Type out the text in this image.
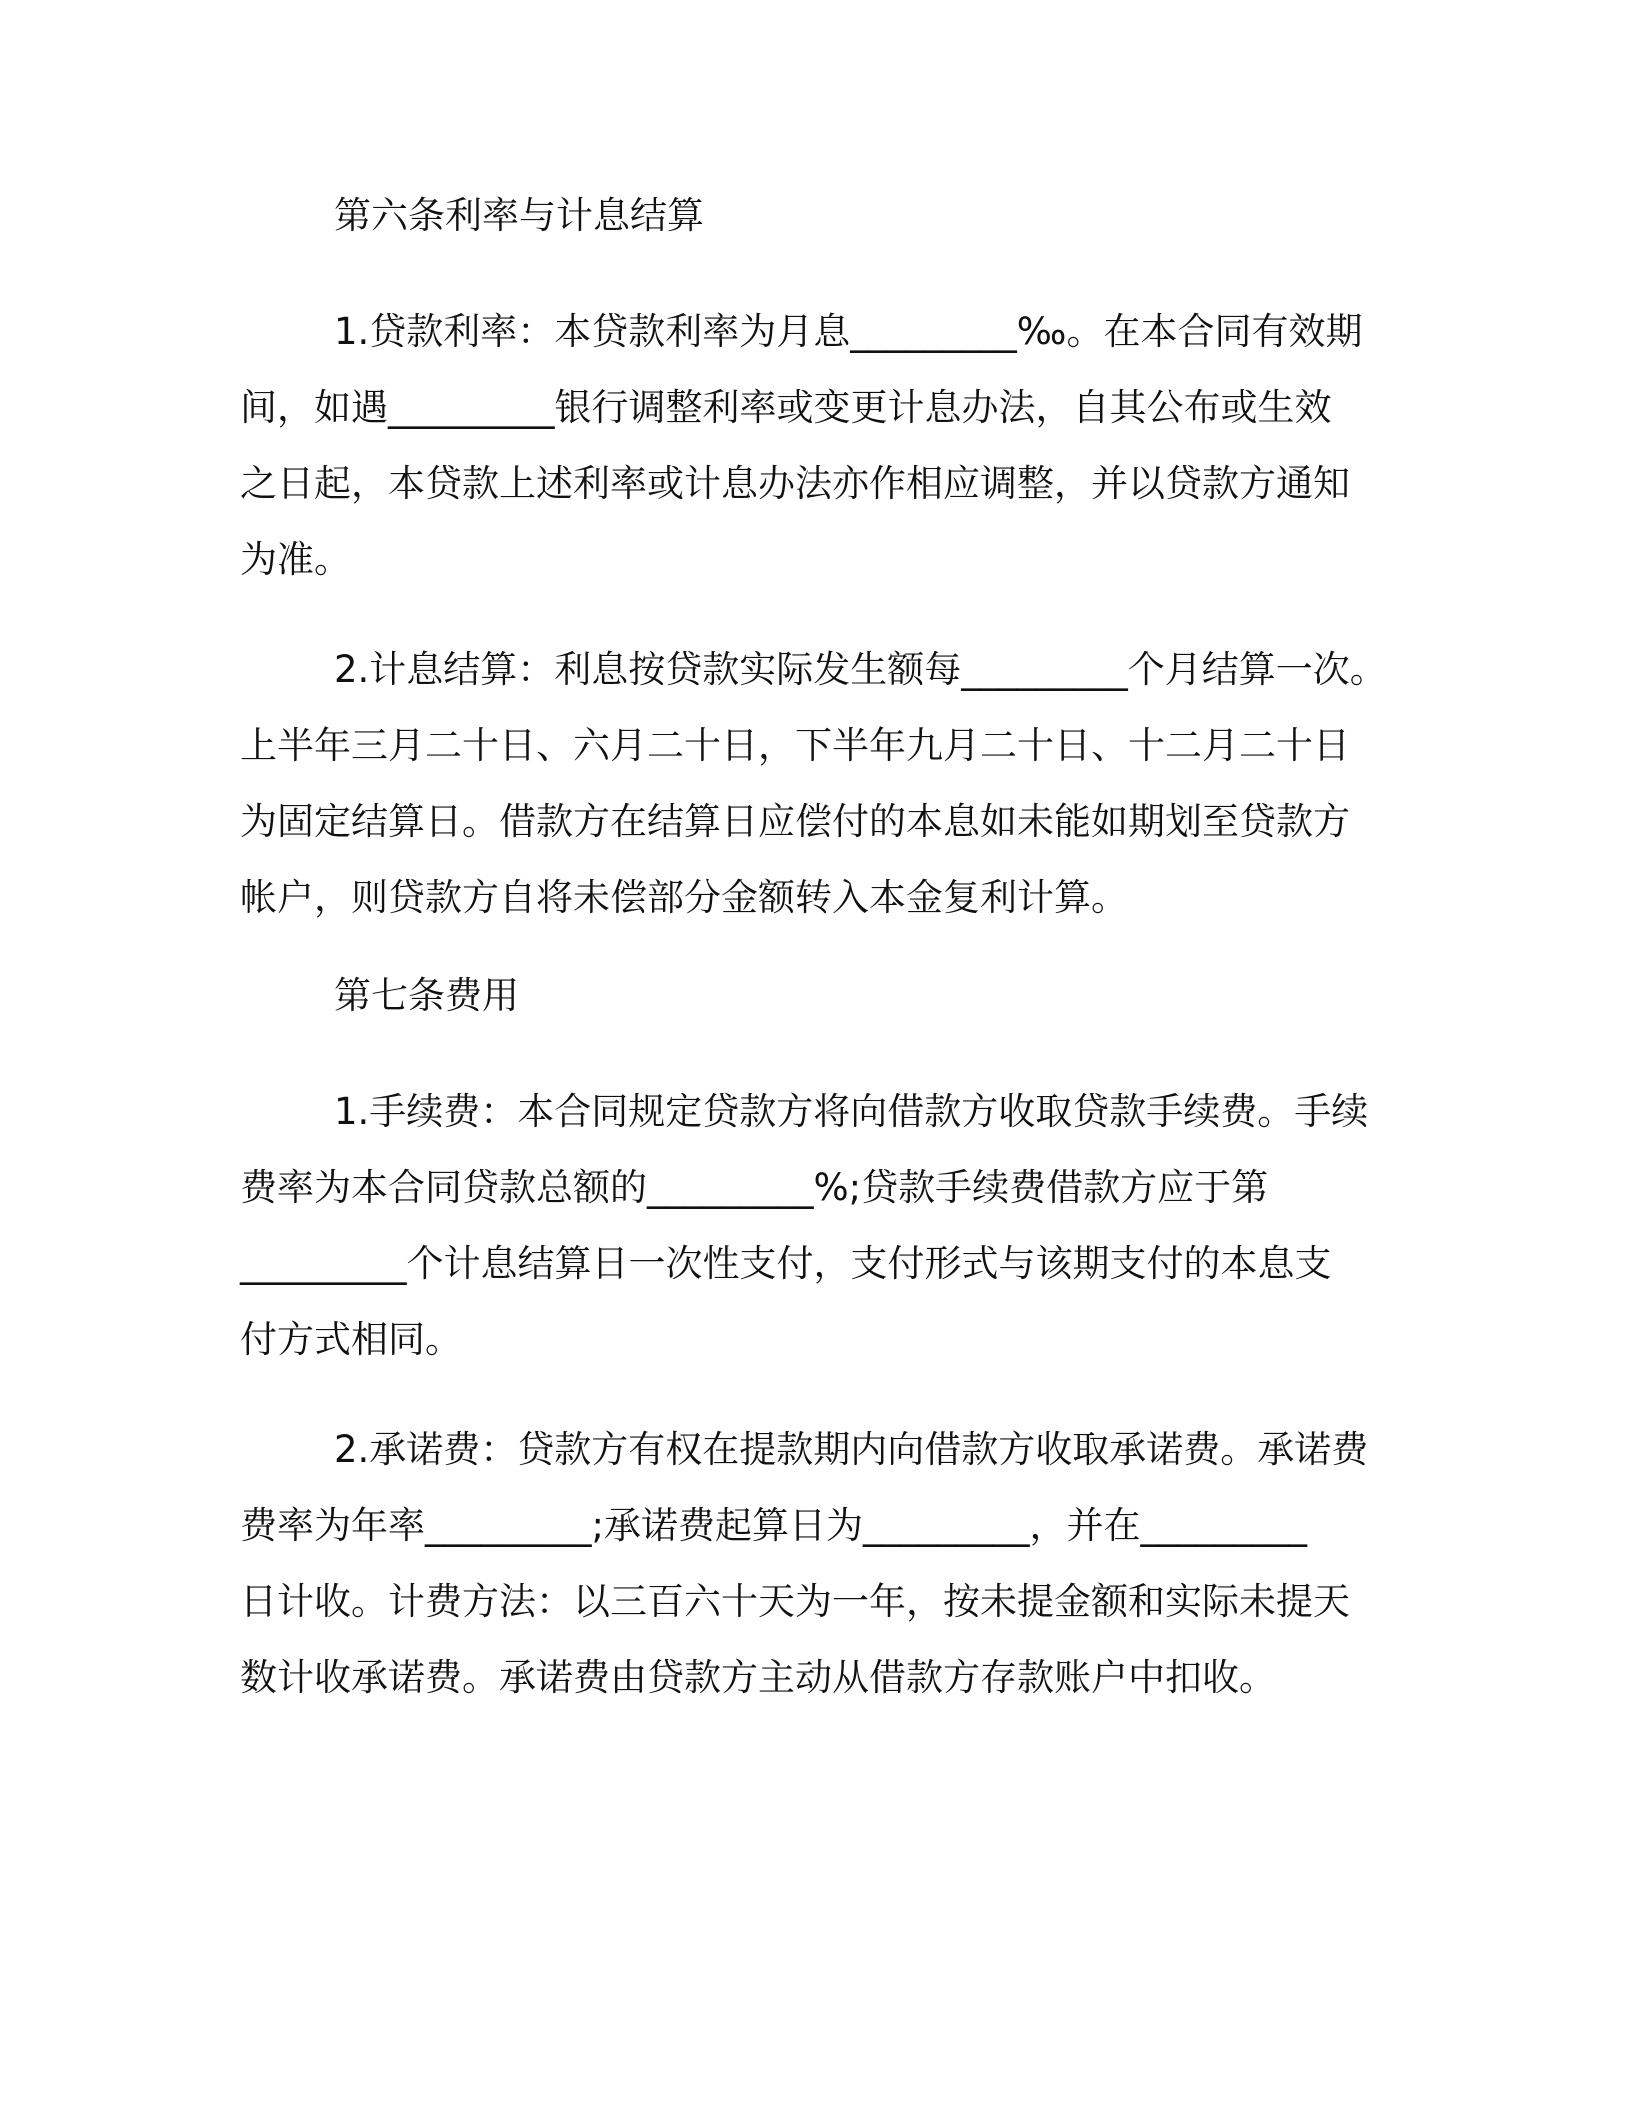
第六条利率与计息结算
1.贷款利率：本贷款利率为月息_________‰。在本合同有效期
间，如遇_________银行调整利率或变更计息办法，自其公布或生效
之日起，本贷款上述利率或计息办法亦作相应调整，并以贷款方通知
为准。
2.计息结算：利息按贷款实际发生额每_________个月结算一次。
上半年三月二十日、六月二十日，下半年九月二十日、十二月二十日
为固定结算日。借款方在结算日应偿付的本息如未能如期划至贷款方
帐户，则贷款方自将未偿部分金额转入本金复利计算。
第七条费用
1.手续费：本合同规定贷款方将向借款方收取贷款手续费。手续
费率为本合同贷款总额的_________%;贷款手续费借款方应于第
_________个计息结算日一次性支付，支付形式与该期支付的本息支
付方式相同。
2.承诺费：贷款方有权在提款期内向借款方收取承诺费。承诺费
费率为年率_________;承诺费起算日为_________，并在_________
日计收。计费方法：以三百六十天为一年，按未提金额和实际未提天
数计收承诺费。承诺费由贷款方主动从借款方存款账户中扣收。
